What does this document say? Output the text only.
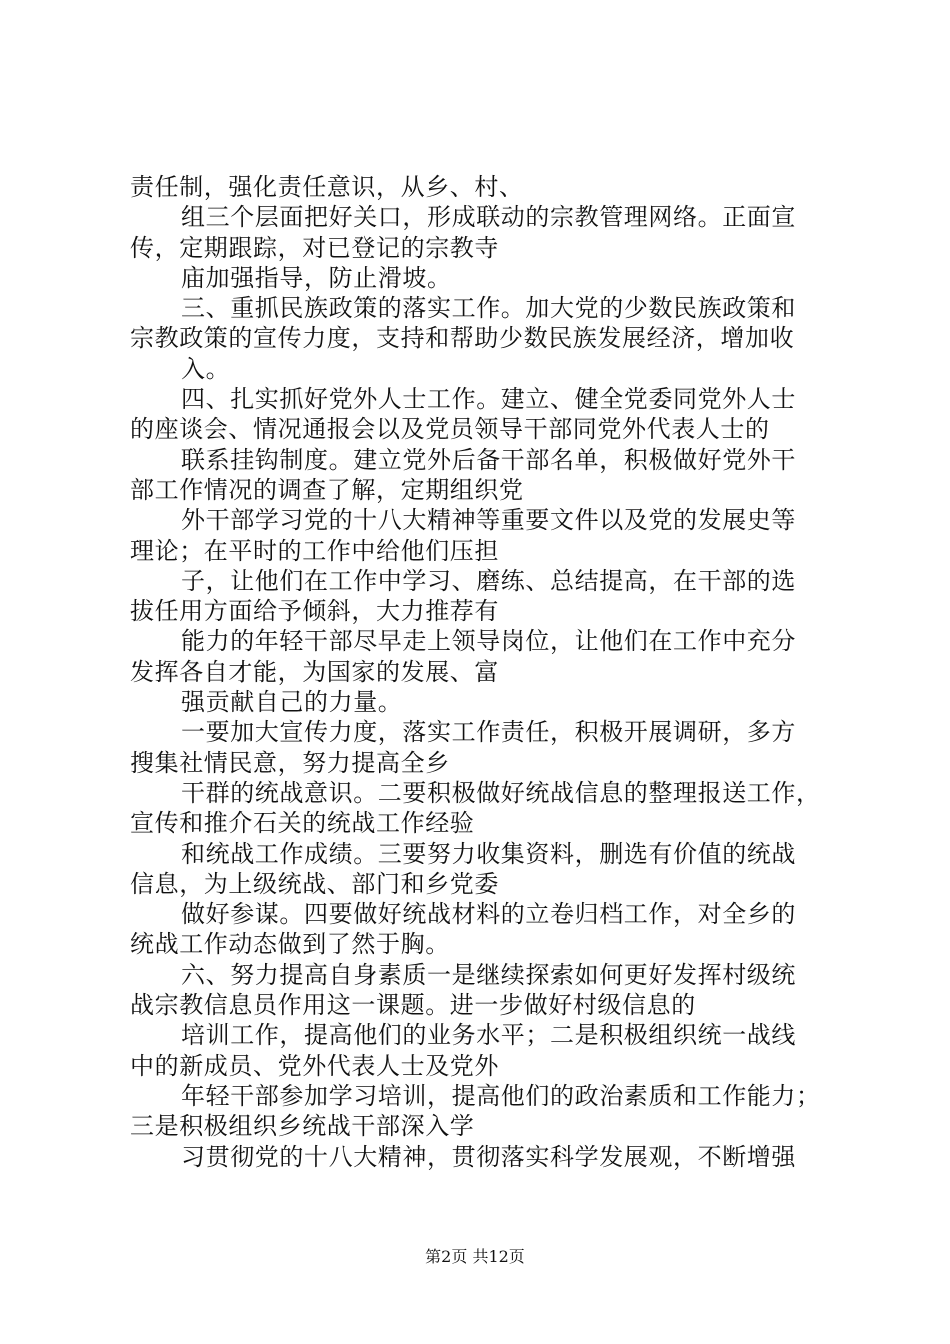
责任制，强化责任意识，从乡、村、
组三个层面把好关口，形成联动的宗教管理网络。正面宣
传，定期跟踪，对已登记的宗教寺
庙加强指导，防止滑坡。
三、重抓民族政策的落实工作。加大党的少数民族政策和
宗教政策的宣传力度，支持和帮助少数民族发展经济，增加收
入。
四、扎实抓好党外人士工作。建立、健全党委同党外人士
的座谈会、情况通报会以及党员领导干部同党外代表人士的
联系挂钩制度。建立党外后备干部名单，积极做好党外干
部工作情况的调查了解，定期组织党
外干部学习党的十八大精神等重要文件以及党的发展史等
理论；在平时的工作中给他们压担
子，让他们在工作中学习、磨练、总结提高，在干部的选
拔任用方面给予倾斜，大力推荐有
能力的年轻干部尽早走上领导岗位，让他们在工作中充分
发挥各自才能，为国家的发展、富
强贡献自己的力量。
一要加大宣传力度，落实工作责任，积极开展调研，多方
搜集社情民意，努力提高全乡
干群的统战意识。二要积极做好统战信息的整理报送工作，
宣传和推介石关的统战工作经验
和统战工作成绩。三要努力收集资料，删选有价值的统战
信息，为上级统战、部门和乡党委
做好参谋。四要做好统战材料的立卷归档工作，对全乡的
统战工作动态做到了然于胸。
六、努力提高自身素质一是继续探索如何更好发挥村级统
战宗教信息员作用这一课题。进一步做好村级信息的
培训工作，提高他们的业务水平；二是积极组织统一战线
中的新成员、党外代表人士及党外
年轻干部参加学习培训，提高他们的政治素质和工作能力；
三是积极组织乡统战干部深入学
习贯彻党的十八大精神，贯彻落实科学发展观，不断增强
第2页 共12页
